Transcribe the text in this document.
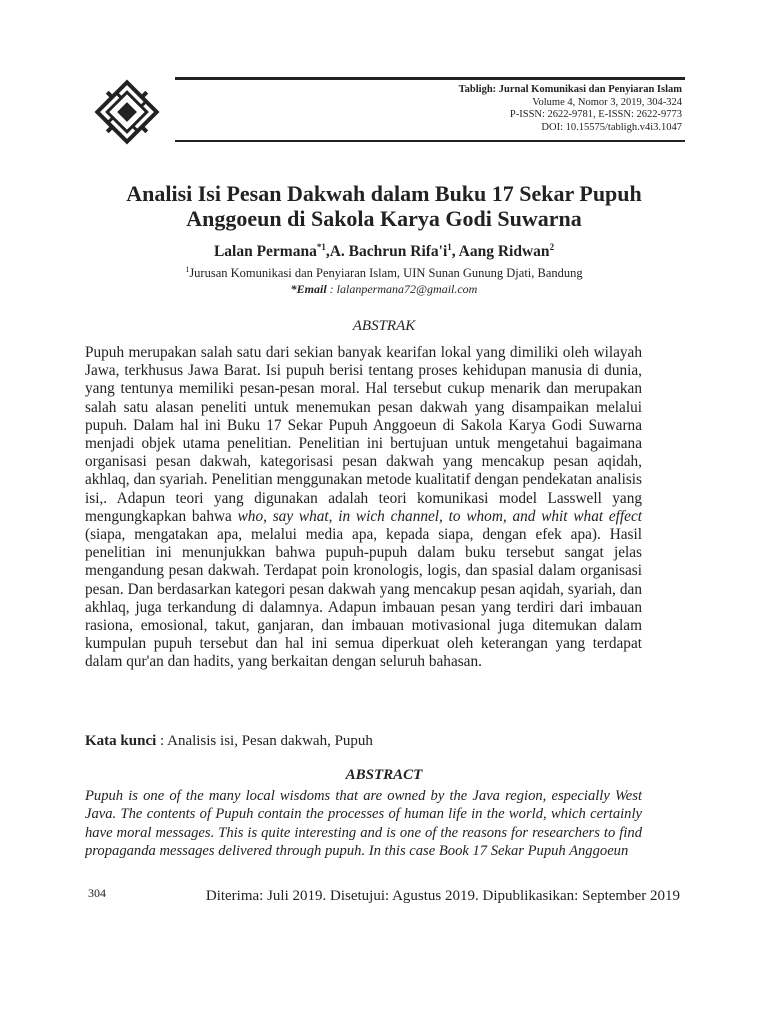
Tabligh: Jurnal Komunikasi dan Penyiaran Islam
Volume 4, Nomor 3, 2019, 304-324
P-ISSN: 2622-9781, E-ISSN: 2622-9773
DOI: 10.15575/tabligh.v4i3.1047
Analisi Isi Pesan Dakwah dalam Buku 17 Sekar Pupuh
Anggoeun di Sakola Karya Godi Suwarna
Lalan Permana$^{*1}$,A. Bachrun $Rifa'i^1$, Aang Ridwan$^2$
$^1$Jurusan Komunikasi dan Penyiaran Islam, UIN Sunan Gunung Djati, Bandung
*Email : lalanpermana72@gmail.com
ABSTRAK

Pupuh merupakan salah satu dari sekian banyak kearifan lokal yang dimiliki oleh wilayah Jawa, terkhusus Jawa Barat. Isi pupuh berisi tentang proses kehidupan manusia di dunia, yang tentunya memiliki pesan-pesan moral. Hal tersebut cukup menarik dan merupakan salah satu alasan peneliti untuk menemukan pesan dakwah yang disampaikan melalui pupuh. Dalam hal ini Buku 17 Sekar Pupuh Anggoeun di Sakola Karya Godi Suwarna menjadi objek utama penelitian. Penelitian ini bertujuan untuk mengetahui bagaimana organisasi pesan dakwah, kategorisasi pesan dakwah yang mencakup pesan aqidah, akhlaq, dan syariah. Penelitian menggunakan metode kualitatif dengan pendekatan analisis isi,. Adapun teori yang digunakan adalah teori komunikasi model Lasswell yang mengungkapkan bahwa who, say what, in wich channel, to whom, and whit what effect (siapa, mengatakan apa, melalui media apa, kepada siapa, dengan efek apa). Hasil penelitian ini menunjukkan bahwa pupuh-pupuh dalam buku tersebut sangat jelas mengandung pesan dakwah. Terdapat poin kronologis, logis, dan spasial dalam organisasi pesan. Dan berdasarkan kategori pesan dakwah yang mencakup pesan aqidah, syariah, dan akhlaq, juga terkandung di dalamnya. Adapun imbauan pesan yang terdiri dari imbauan rasiona, emosional, takut, ganjaran, dan imbauan motivasional juga ditemukan dalam kumpulan pupuh tersebut dan hal ini semua diperkuat oleh keterangan yang terdapat dalam qur'an dan hadits, yang berkaitan dengan seluruh bahasan.

Kata kunci : Analisis isi, Pesan dakwah, Pupuh
ABSTRACT

Pupuh is one of the many local wisdoms that are owned by the Java region, especially West Java. The contents of Pupuh contain the processes of human life in the world, which certainly have moral messages. This is quite interesting and is one of the reasons for researchers to find propaganda messages delivered through pupuh. In this case Book 17 Sekar Pupuh Anggoeun

304	Diterima: Juli 2019. Disetujui: Agustus 2019. Dipublikasikan: September 2019
